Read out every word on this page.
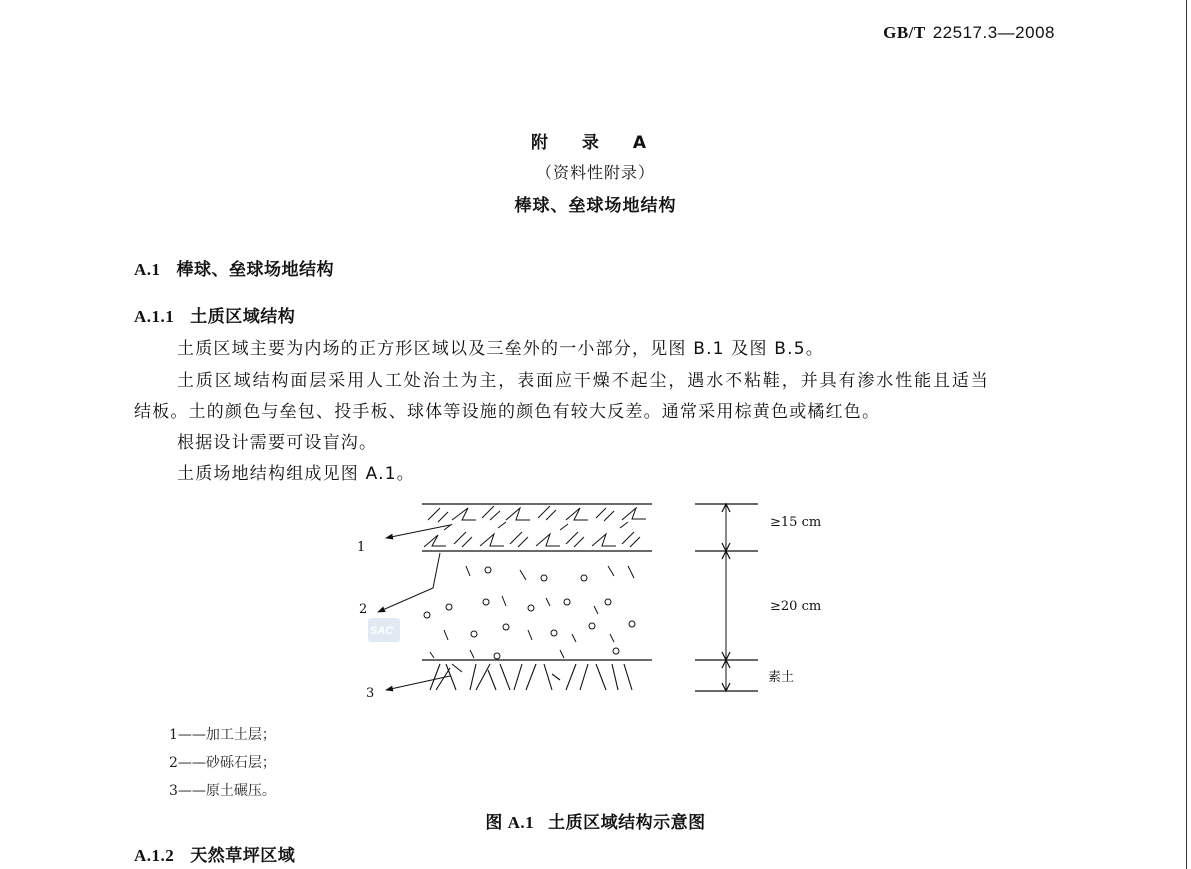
GB/T 22517.3—2008
附 录 A
（资料性附录）
棒球、垒球场地结构
A.1 棒球、垒球场地结构
A.1.1 土质区域结构
土质区域主要为内场的正方形区域以及三垒外的一小部分，见图 B.1 及图 B.5。
土质区域结构面层采用人工处治土为主，表面应干燥不起尘，遇水不粘鞋，并具有渗水性能且适当
结板。土的颜色与垒包、投手板、球体等设施的颜色有较大反差。通常采用棕黄色或橘红色。
根据设计需要可设盲沟。
土质场地结构组成见图 A.1。
1
2
3
SAC
≥15 cm
≥20 cm
素土
1——加工土层；
2——砂砾石层；
3——原土碾压。
图 A.1 土质区域结构示意图
A.1.2 天然草坪区域
